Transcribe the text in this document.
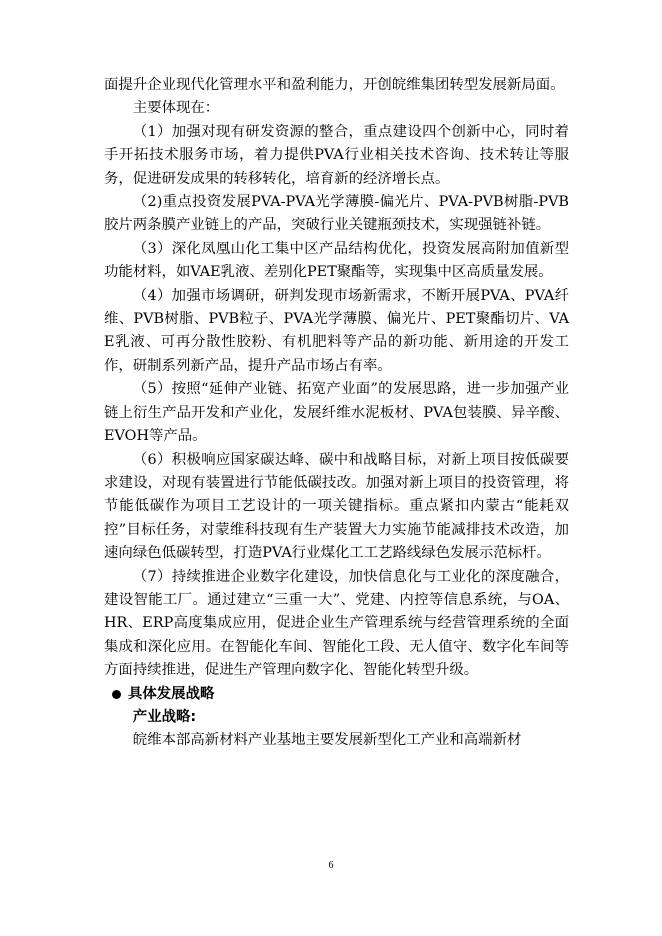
面提升企业现代化管理水平和盈利能力，开创皖维集团转型发展新局面。

主要体现在：

（1）加强对现有研发资源的整合，重点建设四个创新中心，同时着手开拓技术服务市场，着力提供PVA行业相关技术咨询、技术转让等服务，促进研发成果的转移转化，培育新的经济增长点。

（2)重点投资发展PVA-PVA光学薄膜-偏光片、PVA-PVB树脂-PVB胶片两条膜产业链上的产品，突破行业关键瓶颈技术，实现强链补链。

（3）深化凤凰山化工集中区产品结构优化，投资发展高附加值新型功能材料，如VAE乳液、差别化PET聚酯等，实现集中区高质量发展。

（4）加强市场调研，研判发现市场新需求，不断开展PVA、PVA纤维、PVB树脂、PVB粒子、PVA光学薄膜、偏光片、PET聚酯切片、VAE乳液、可再分散性胶粉、有机肥料等产品的新功能、新用途的开发工作，研制系列新产品，提升产品市场占有率。

（5）按照“延伸产业链、拓宽产业面”的发展思路，进一步加强产业链上衍生产品开发和产业化，发展纤维水泥板材、PVA包装膜、异辛酸、EVOH等产品。

（6）积极响应国家碳达峰、碳中和战略目标，对新上项目按低碳要求建设，对现有装置进行节能低碳技改。加强对新上项目的投资管理，将节能低碳作为项目工艺设计的一项关键指标。重点紧扣内蒙古“能耗双控”目标任务，对蒙维科技现有生产装置大力实施节能减排技术改造，加速向绿色低碳转型，打造PVA行业煤化工工艺路线绿色发展示范标杆。

（7）持续推进企业数字化建设，加快信息化与工业化的深度融合，建设智能工厂。通过建立“三重一大”、党建、内控等信息系统，与OA、HR、ERP高度集成应用，促进企业生产管理系统与经营管理系统的全面集成和深化应用。在智能化车间、智能化工段、无人值守、数字化车间等方面持续推进，促进生产管理向数字化、智能化转型升级。

具体发展战略

产业战略:

皖维本部高新材料产业基地主要发展新型化工产业和高端新材

6
